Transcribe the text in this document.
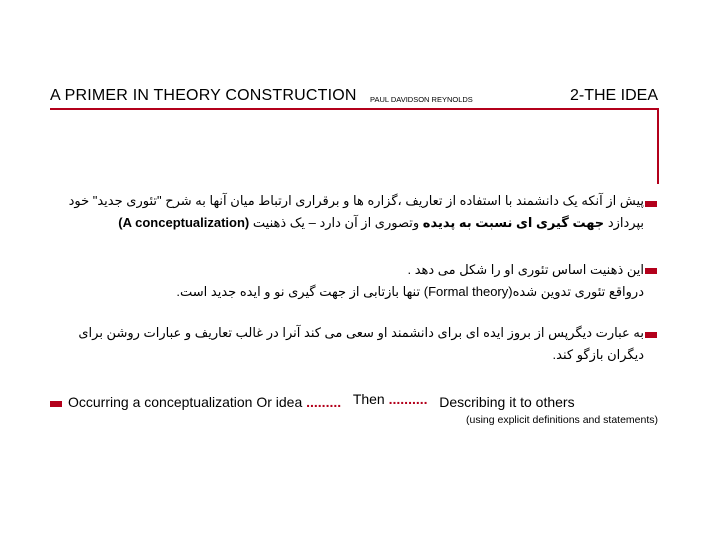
A PRIMER IN THEORY CONSTRUCTION PAUL DAVIDSON REYNOLDS	2-THE IDEA
پیش از آنکه یک دانشمند با استفاده از تعاریف ،گزاره ها و برقراری ارتباط میان آنها به شرح "تئوری جدید" خود
بپردازد جهت گیری ای نسبت به پدیده وتصوری از آن دارد – یک ذهنیت (A conceptualization)
این ذهنیت اساس تئوری او را شکل می دهد .
درواقع تئوری تدوین شده(Formal theory) تنها بازتابی از جهت گیری نو و ایده جدید است.
به عبارت دیگرپس از بروز ایده ای برای دانشمند او سعی می کند آنرا در غالب تعاریف و عبارات روشن برای
دیگران بازگو کند.
Occurring a conceptualization Or idea ......... Then .......... Describing it to others
(using explicit definitions and statements)
